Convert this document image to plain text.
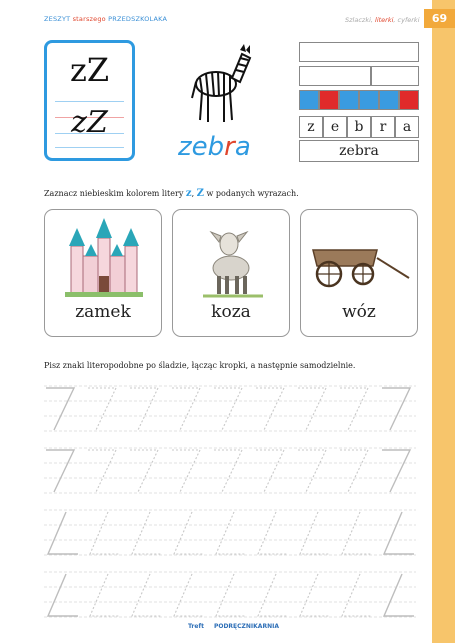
69
ZESZYT starszego PRZEDSZKOLAKA	Szlaczki, literki, cyferki
zZ
zZ
zebra
z	e	b	r	a
zebra
Zaznacz niebieskim kolorem litery z, Z w podanych wyrazach.
zamek	koza	wóz
Pisz znaki literopodobne po śladzie, łącząc kropki, a następnie samodzielnie.
Treft PODRĘCZNIKARNIA
